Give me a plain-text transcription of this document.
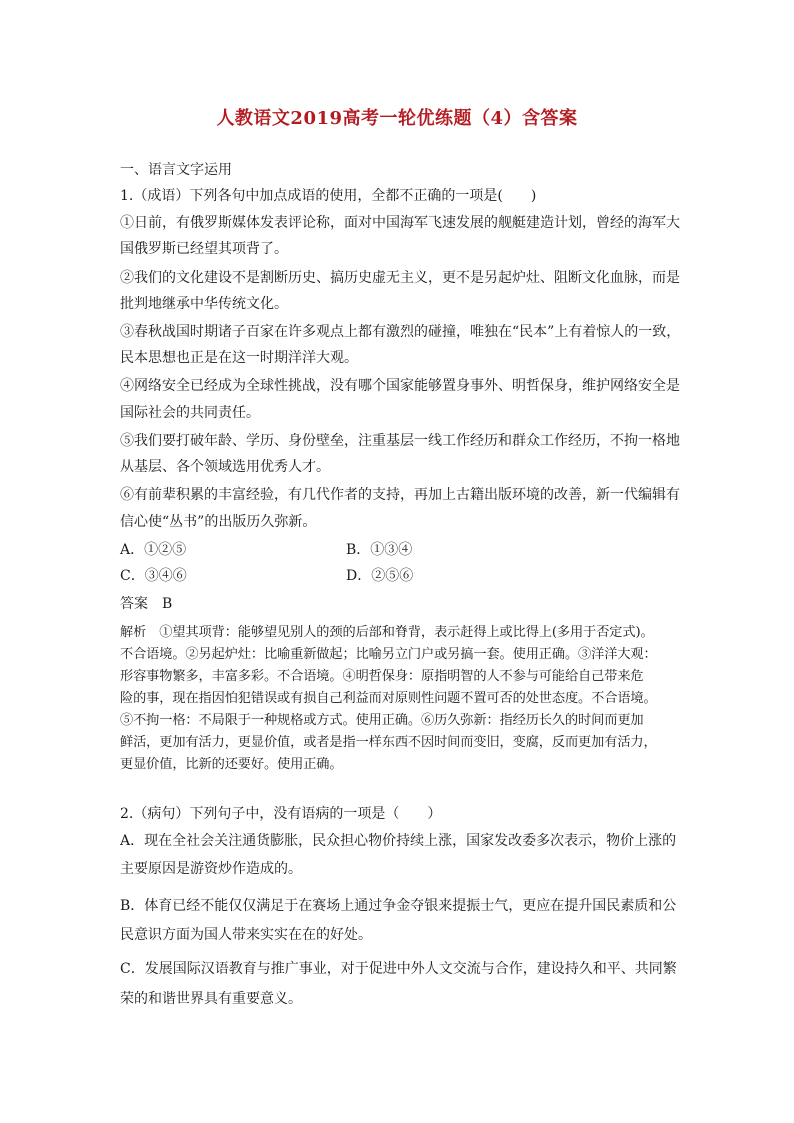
人教语文2019高考一轮优练题（4）含答案
一、语言文字运用
1.（成语）下列各句中加点成语的使用，全都不正确的一项是(　　)
①日前，有俄罗斯媒体发表评论称，面对中国海军飞速发展的舰艇建造计划，曾经的海军大
国俄罗斯已经望其项背了。
②我们的文化建设不是割断历史、搞历史虚无主义，更不是另起炉灶、阻断文化血脉，而是
批判地继承中华传统文化。
③春秋战国时期诸子百家在许多观点上都有激烈的碰撞，唯独在“民本”上有着惊人的一致，
民本思想也正是在这一时期洋洋大观。
④网络安全已经成为全球性挑战，没有哪个国家能够置身事外、明哲保身，维护网络安全是
国际社会的共同责任。
⑤我们要打破年龄、学历、身份壁垒，注重基层一线工作经历和群众工作经历，不拘一格地
从基层、各个领域选用优秀人才。
⑥有前辈积累的丰富经验，有几代作者的支持，再加上古籍出版环境的改善，新一代编辑有
信心使“丛书”的出版历久弥新。
A．①②⑤	B．①③④
C．③④⑥	D．②⑤⑥
答案　B
解析　①望其项背：能够望见别人的颈的后部和脊背，表示赶得上或比得上(多用于否定式)。
不合语境。②另起炉灶：比喻重新做起；比喻另立门户或另搞一套。使用正确。③洋洋大观：
形容事物繁多，丰富多彩。不合语境。④明哲保身：原指明智的人不参与可能给自己带来危
险的事，现在指因怕犯错误或有损自己利益而对原则性问题不置可否的处世态度。不合语境。
⑤不拘一格：不局限于一种规格或方式。使用正确。⑥历久弥新：指经历长久的时间而更加
鲜活，更加有活力，更显价值，或者是指一样东西不因时间而变旧，变腐，反而更加有活力，
更显价值，比新的还要好。使用正确。
2.（病句）下列句子中，没有语病的一项是（　　）
A．现在全社会关注通货膨胀，民众担心物价持续上涨，国家发改委多次表示，物价上涨的
主要原因是游资炒作造成的。
B．体育已经不能仅仅满足于在赛场上通过争金夺银来提振士气，更应在提升国民素质和公
民意识方面为国人带来实实在在的好处。
C．发展国际汉语教育与推广事业，对于促进中外人文交流与合作，建设持久和平、共同繁
荣的和谐世界具有重要意义。
